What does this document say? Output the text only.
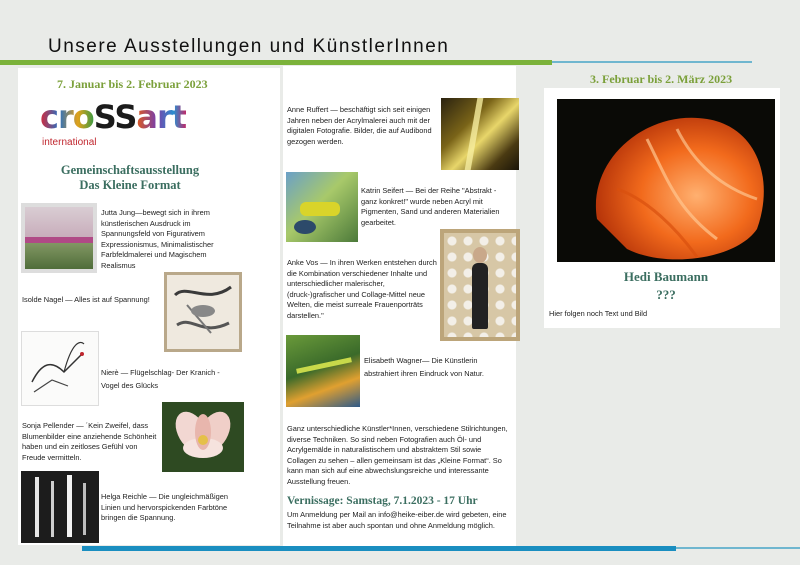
Unsere Ausstellungen und KünstlerInnen
7. Januar bis 2. Februar 2023
croSSart
international
Gemeinschaftsausstellung
Das Kleine Format
Jutta Jung—bewegt sich in ihrem künstlerischen Ausdruck im Spannungsfeld von Figurativem Expressionismus, Minimalistischer Farbfeldmalerei und Magischem Realismus
Isolde Nagel — Alles ist auf Spannung!
Nierè — Flügelschlag- Der Kranich - Vogel des Glücks
Sonja Pellender — ´Kein Zweifel, dass Blumenbilder eine anziehende Schönheit haben und ein zeitloses Gefühl von Freude vermitteln.
Helga Reichle — Die ungleichmäßigen Linien und hervorspickenden Farbtöne bringen die Spannung.
Anne Ruffert — beschäftigt sich seit einigen Jahren neben der Acrylmalerei auch mit der digitalen Fotografie. Bilder, die auf Audibond gezogen werden.
Katrin Seifert — Bei der Reihe "Abstrakt - ganz konkret!" wurde neben Acryl mit Pigmenten, Sand und anderen Materialien gearbeitet.
Anke Vos — In ihren Werken entstehen durch die Kombination verschiedener Inhalte und unterschiedlicher malerischer, (druck-)grafischer und Collage-Mittel neue Welten, die meist surreale Frauenporträts darstellen."
Elisabeth Wagner— Die Künstlerin abstrahiert ihren Eindruck von Natur.
Ganz unterschiedliche Künstler*Innen, verschiedene Stilrichtungen, diverse Techniken. So sind neben Fotografien auch Öl- und Acrylgemälde in naturalistischem und abstraktem Stil sowie Collagen zu sehen – allen gemeinsam ist das „Kleine Format“. So kann man sich auf eine abwechslungsreiche und interessante Ausstellung freuen.
Vernissage: Samstag, 7.1.2023 - 17 Uhr
Um Anmeldung per Mail an info@heike-eiber.de wird gebeten, eine Teilnahme ist aber auch spontan und ohne Anmeldung möglich.
3. Februar bis 2. März 2023
Hedi Baumann
???
Hier folgen noch Text und Bild
